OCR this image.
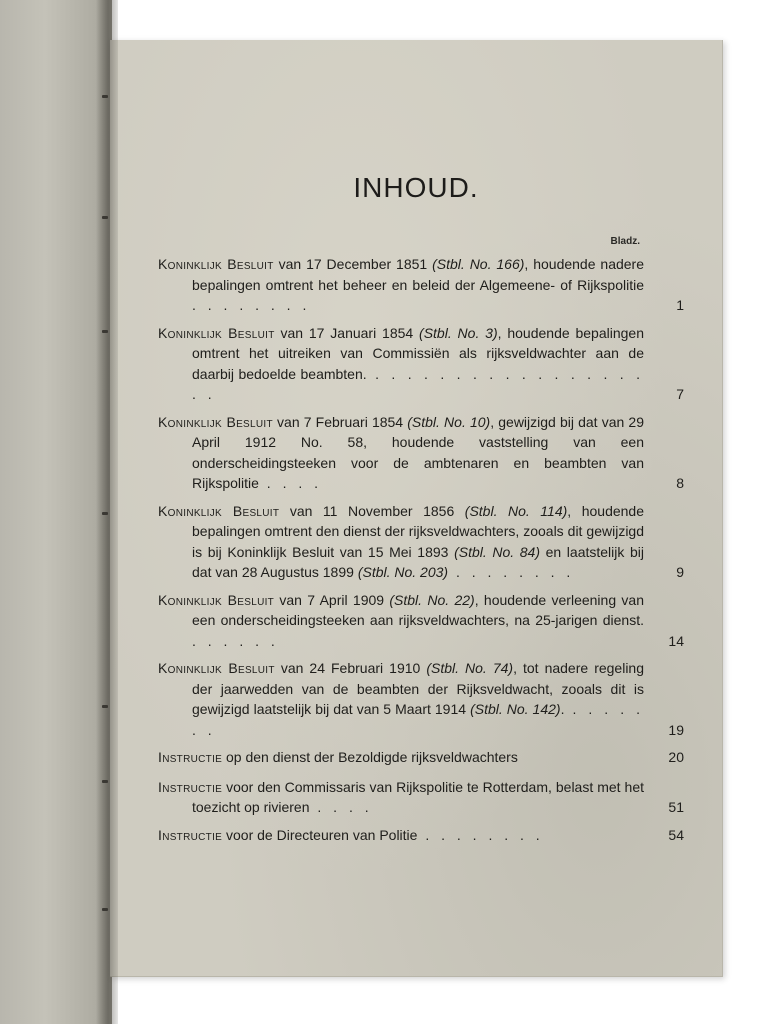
INHOUD.
Bladz.
Koninklijk Besluit van 17 December 1851 (Stbl. No. 166), houdende nadere bepalingen omtrent het beheer en beleid der Algemeene- of Rijkspolitie . . . . . . . .	1
Koninklijk Besluit van 17 Januari 1854 (Stbl. No. 3), houdende bepalingen omtrent het uitreiken van Commissiën als rijksveldwachter aan de daarbij bedoelde beambten. . . . . . . . . . . . . . . . . . . .	7
Koninklijk Besluit van 7 Februari 1854 (Stbl. No. 10), gewijzigd bij dat van 29 April 1912 No. 58, houdende vaststelling van een onderscheidingsteeken voor de ambtenaren en beambten van Rijkspolitie . . . .	8
Koninklijk Besluit van 11 November 1856 (Stbl. No. 114), houdende bepalingen omtrent den dienst der rijksveldwachters, zooals dit gewijzigd is bij Koninklijk Besluit van 15 Mei 1893 (Stbl. No. 84) en laatstelijk bij dat van 28 Augustus 1899 (Stbl. No. 203) . . . . . . . .	9
Koninklijk Besluit van 7 April 1909 (Stbl. No. 22), houdende verleening van een onderscheidingsteeken aan rijksveldwachters, na 25-jarigen dienst. . . . . . .	14
Koninklijk Besluit van 24 Februari 1910 (Stbl. No. 74), tot nadere regeling der jaarwedden van de beambten der Rijksveldwacht, zooals dit is gewijzigd laatstelijk bij dat van 5 Maart 1914 (Stbl. No. 142). . . . . . . .	19
Instructie op den dienst der Bezoldigde rijksveldwachters	20
Instructie voor den Commissaris van Rijkspolitie te Rotterdam, belast met het toezicht op rivieren . . . .	51
Instructie voor de Directeuren van Politie . . . . . . . .	54
